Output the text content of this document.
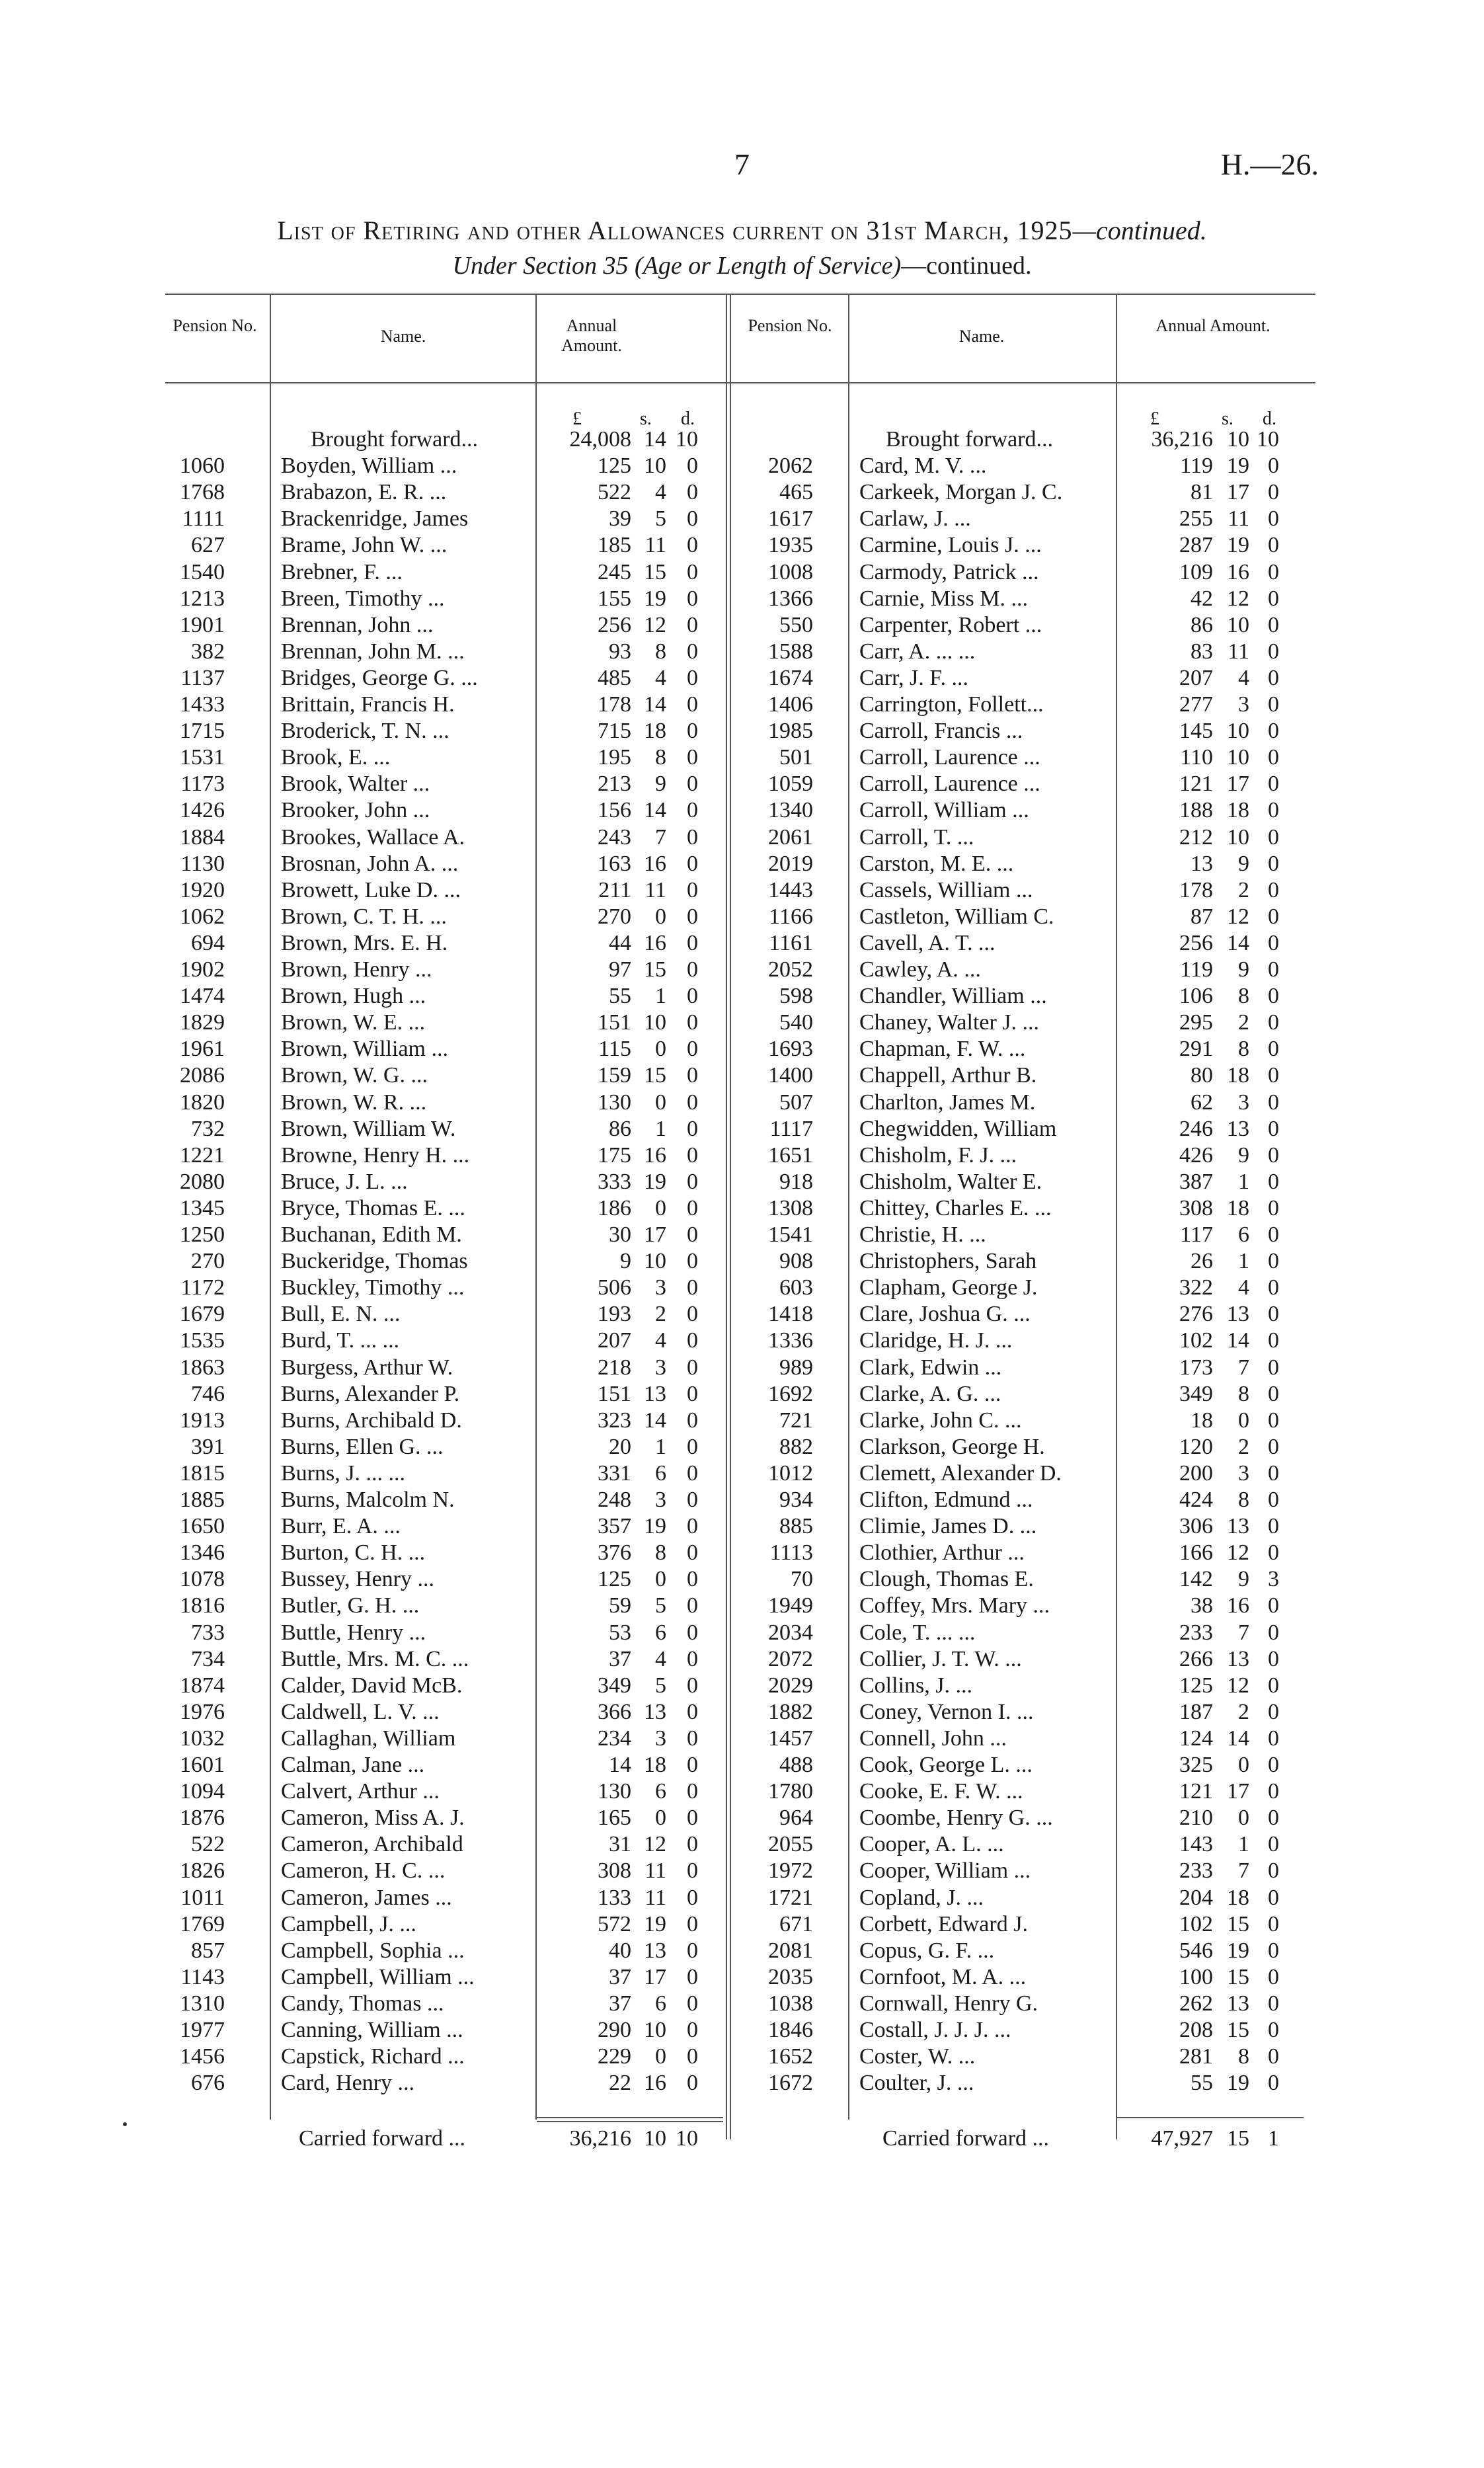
7	H.—26.
List of Retiring and other Allowances current on 31st March, 1925—continued.
Under Section 35 (Age or Length of Service)—continued.
Pension No.
Name.
Annual Amount.
Pension No.
Name.
Annual Amount.
£	s. d.	£	s. d.
Brought forward...	24,008 14 10
1060	Boyden, William ...	125 10 0
1768	Brabazon, E. R. ...	522	4 0
1111	Brackenridge, James	39	5 0
627	Brame, John W. ...	185 11 0
1540	Brebner, F. ...	245 15 0
1213	Breen, Timothy ...	155 19 0
1901	Brennan, John ...	256 12 0
382	Brennan, John M. ...	93	8 0
1137	Bridges, George G. ...	485	4 0
1433	Brittain, Francis H.	178 14 0
1715	Broderick, T. N. ...	715 18 0
1531	Brook, E. ...	195	8 0
1173	Brook, Walter ...	213	9 0
1426	Brooker, John ...	156 14 0
1884	Brookes, Wallace A.	243	7 0
1130	Brosnan, John A. ...	163 16 0
1920	Browett, Luke D. ...	211 11 0
1062	Brown, C. T. H. ...	270	0 0
694	Brown, Mrs. E. H.	44 16 0
1902	Brown, Henry ...	97 15 0
1474	Brown, Hugh ...	55	1 0
1829	Brown, W. E. ...	151 10 0
1961	Brown, William ...	115	0 0
2086	Brown, W. G. ...	159 15 0
1820	Brown, W. R. ...	130	0 0
732	Brown, William W.	86	1 0
1221	Browne, Henry H. ...	175 16 0
2080	Bruce, J. L. ...	333 19 0
1345	Bryce, Thomas E. ...	186	0 0
1250	Buchanan, Edith M.	30 17 0
270	Buckeridge, Thomas	9 10 0
1172	Buckley, Timothy ...	506	3 0
1679	Bull, E. N. ...	193	2 0
1535	Burd, T. ... ...	207	4 0
1863	Burgess, Arthur W.	218	3 0
746	Burns, Alexander P.	151 13 0
1913	Burns, Archibald D.	323 14 0
391	Burns, Ellen G. ...	20	1 0
1815	Burns, J. ... ...	331	6 0
1885	Burns, Malcolm N.	248	3 0
1650	Burr, E. A. ...	357 19 0
1346	Burton, C. H. ...	376	8 0
1078	Bussey, Henry ...	125	0 0
1816	Butler, G. H. ...	59	5 0
733	Buttle, Henry ...	53	6 0
734	Buttle, Mrs. M. C. ...	37	4 0
1874	Calder, David McB.	349	5 0
1976	Caldwell, L. V. ...	366 13 0
1032	Callaghan, William	234	3 0
1601	Calman, Jane ...	14 18 0
1094	Calvert, Arthur ...	130	6 0
1876	Cameron, Miss A. J.	165	0 0
522	Cameron, Archibald	31 12 0
1826	Cameron, H. C. ...	308 11 0
1011	Cameron, James ...	133 11 0
1769	Campbell, J. ...	572 19 0
857	Campbell, Sophia ...	40 13 0
1143	Campbell, William ...	37 17 0
1310	Candy, Thomas ...	37	6 0
1977	Canning, William ...	290 10 0
1456	Capstick, Richard ...	229	0 0
676	Card, Henry ...	22 16 0
Carried forward ...	36,216 10 10
Brought forward...	36,216 10 10
2062 Card, M. V. ...	119 19 0
465 Carkeek, Morgan J. C.	81 17 0
1617 Carlaw, J. ...	255 11 0
1935 Carmine, Louis J. ...	287 19 0
1008 Carmody, Patrick ...	109 16 0
1366 Carnie, Miss M. ...	42 12 0
550 Carpenter, Robert ...	86 10 0
1588 Carr, A. ... ...	83 11 0
1674 Carr, J. F. ...	207	4 0
1406 Carrington, Follett...	277	3 0
1985 Carroll, Francis ...	145 10 0
501 Carroll, Laurence ...	110 10 0
1059 Carroll, Laurence ...	121 17 0
1340 Carroll, William ...	188 18 0
2061 Carroll, T. ...	212 10 0
2019 Carston, M. E. ...	13	9 0
1443 Cassels, William ...	178	2 0
1166 Castleton, William C.	87 12 0
1161 Cavell, A. T. ...	256 14 0
2052 Cawley, A. ...	119	9 0
598 Chandler, William ...	106	8 0
540 Chaney, Walter J. ...	295	2 0
1693 Chapman, F. W. ...	291	8 0
1400 Chappell, Arthur B.	80 18 0
507 Charlton, James M.	62	3 0
1117 Chegwidden, William	246 13 0
1651 Chisholm, F. J. ...	426	9 0
918 Chisholm, Walter E.	387	1 0
1308 Chittey, Charles E. ...	308 18 0
1541 Christie, H. ...	117	6 0
908 Christophers, Sarah	26	1 0
603 Clapham, George J.	322	4 0
1418 Clare, Joshua G. ...	276 13 0
1336 Claridge, H. J. ...	102 14 0
989 Clark, Edwin ...	173	7 0
1692 Clarke, A. G. ...	349	8 0
721 Clarke, John C. ...	18	0 0
882 Clarkson, George H.	120	2 0
1012 Clemett, Alexander D.	200	3 0
934 Clifton, Edmund ...	424	8 0
885 Climie, James D. ...	306 13 0
1113 Clothier, Arthur ...	166 12 0
70 Clough, Thomas E.	142	9 3
1949 Coffey, Mrs. Mary ...	38 16 0
2034 Cole, T. ... ...	233	7 0
2072 Collier, J. T. W. ...	266 13 0
2029 Collins, J. ...	125 12 0
1882 Coney, Vernon I. ...	187	2 0
1457 Connell, John ...	124 14 0
488 Cook, George L. ...	325	0 0
1780 Cooke, E. F. W. ...	121 17 0
964 Coombe, Henry G. ...	210	0 0
2055 Cooper, A. L. ...	143	1 0
1972 Cooper, William ...	233	7 0
1721 Copland, J. ...	204 18 0
671 Corbett, Edward J.	102 15 0
2081 Copus, G. F. ...	546 19 0
2035 Cornfoot, M. A. ...	100 15 0
1038 Cornwall, Henry G.	262 13 0
1846 Costall, J. J. J. ...	208 15 0
1652 Coster, W. ...	281	8 0
1672 Coulter, J. ...	55 19 0
Carried forward ...	47,927 15 1
